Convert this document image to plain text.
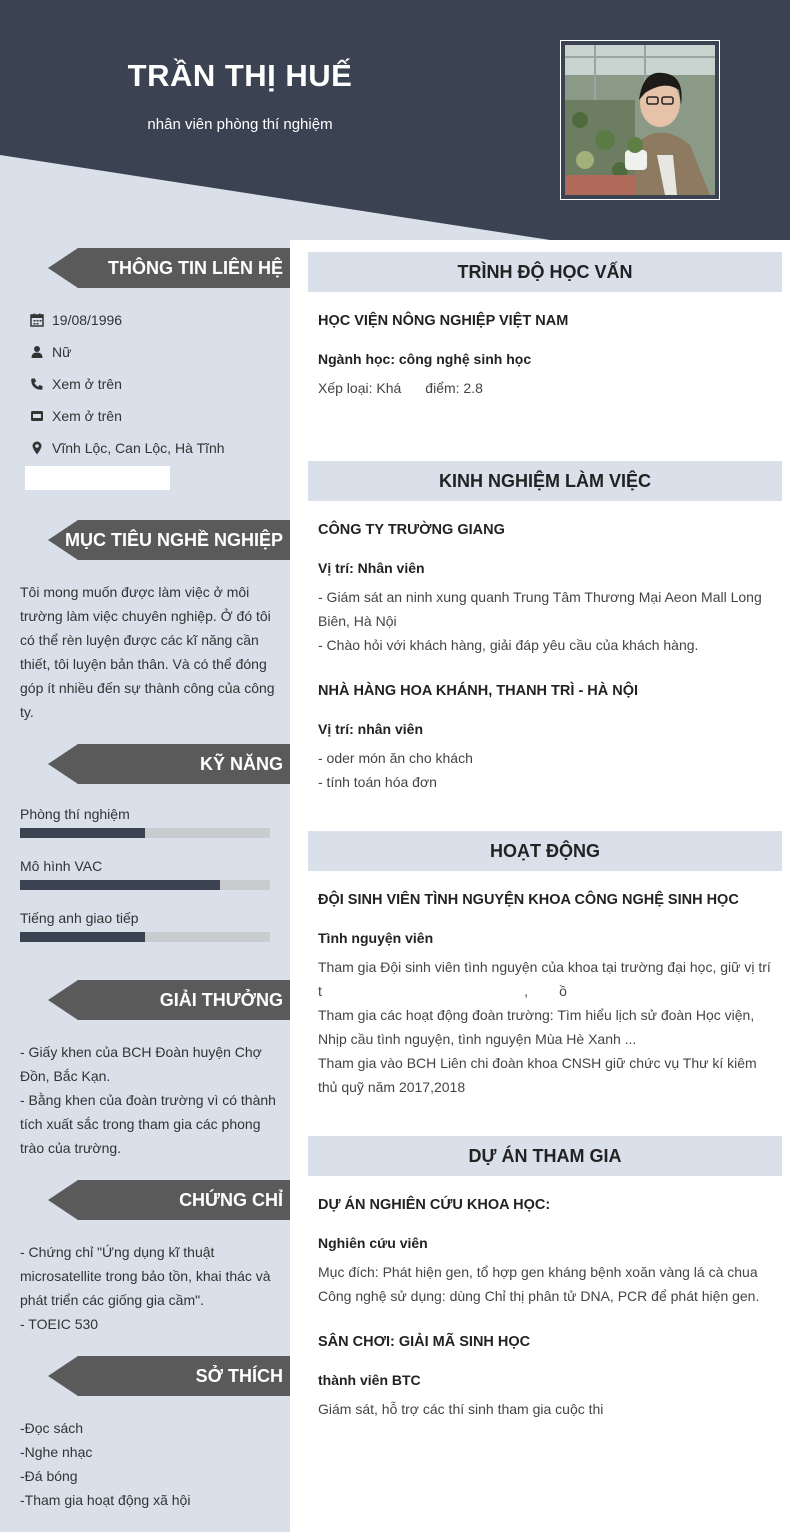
TRẦN THỊ HUẾ
nhân viên phòng thí nghiệm
THÔNG TIN LIÊN HỆ
19/08/1996
Nữ
Xem ở trên
Xem ở trên
Vĩnh Lộc, Can Lộc, Hà Tĩnh
MỤC TIÊU NGHỀ NGHIỆP
Tôi mong muốn được làm việc ở môi trường làm việc chuyên nghiệp. Ở đó tôi có thể rèn luyện được các kĩ năng cần thiết, tôi luyện bản thân. Và có thể đóng góp ít nhiều đến sự thành công của công ty.
KỸ NĂNG
Phòng thí nghiệm
Mô hình VAC
Tiếng anh giao tiếp
GIẢI THƯỞNG
- Giấy khen của BCH Đoàn huyện Chợ Đồn, Bắc Kạn.
- Bằng khen của đoàn trường vì có thành tích xuất sắc trong tham gia các phong trào của trường.
CHỨNG CHỈ
- Chứng chỉ "Ứng dụng kĩ thuật microsatellite trong bảo tồn, khai thác và phát triển các giống gia cầm".
- TOEIC 530
SỞ THÍCH
-Đọc sách
-Nghe nhạc
-Đá bóng
-Tham gia hoạt động xã hội
TRÌNH ĐỘ HỌC VẤN
HỌC VIỆN NÔNG NGHIỆP VIỆT NAM
Ngành học: công nghệ sinh học
Xếp loại: Khá điểm: 2.8
KINH NGHIỆM LÀM VIỆC
CÔNG TY TRƯỜNG GIANG
Vị trí: Nhân viên
- Giám sát an ninh xung quanh Trung Tâm Thương Mại Aeon Mall Long Biên, Hà Nội
- Chào hỏi với khách hàng, giải đáp yêu cầu của khách hàng.
NHÀ HÀNG HOA KHÁNH, THANH TRÌ - HÀ NỘI
Vị trí: nhân viên
- oder món ăn cho khách
- tính toán hóa đơn
HOẠT ĐỘNG
ĐỘI SINH VIÊN TÌNH NGUYỆN KHOA CÔNG NGHỆ SINH HỌC
Tình nguyện viên
Tham gia Đội sinh viên tình nguyện của khoa tại trường đại học, giữ vị trí
t                                                    ,        ồ
Tham gia các hoạt động đoàn trường: Tìm hiểu lịch sử đoàn Học viện, Nhịp cầu tình nguyện, tình nguyện Mùa Hè Xanh ...
Tham gia vào BCH Liên chi đoàn khoa CNSH giữ chức vụ Thư kí kiêm thủ quỹ năm 2017,2018
DỰ ÁN THAM GIA
DỰ ÁN NGHIÊN CỨU KHOA HỌC:
Nghiên cứu viên
Mục đích: Phát hiện gen, tổ hợp gen kháng bệnh xoăn vàng lá cà chua
Công nghệ sử dụng: dùng Chỉ thị phân tử DNA, PCR để phát hiện gen.
SÂN CHƠI: GIẢI MÃ SINH HỌC
thành viên BTC
Giám sát, hỗ trợ các thí sinh tham gia cuộc thi
